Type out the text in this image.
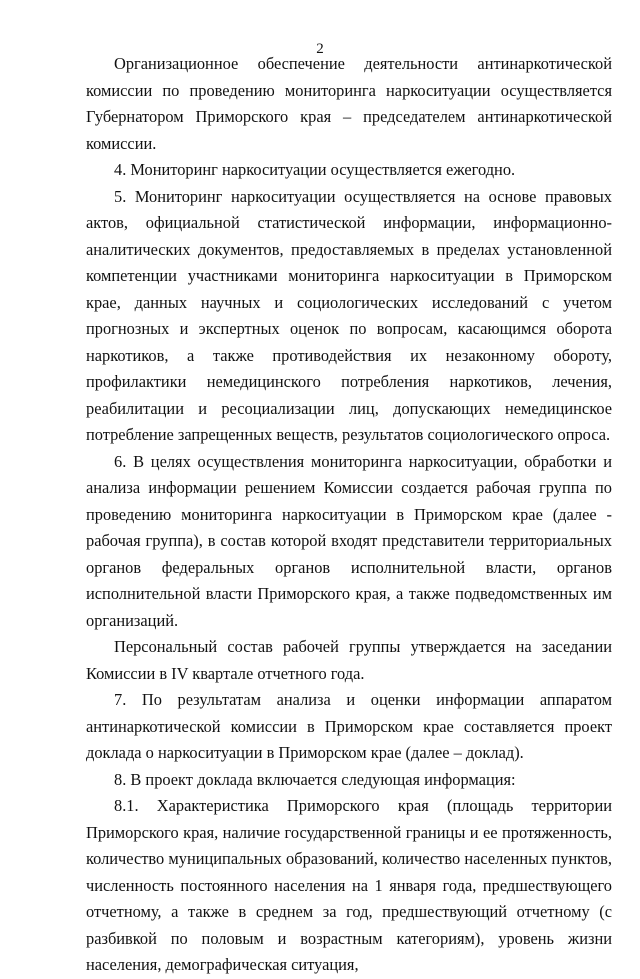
2

Организационное обеспечение деятельности антинаркотической комиссии по проведению мониторинга наркоситуации осуществляется Губернатором Приморского края – председателем антинаркотической комиссии.

4. Мониторинг наркоситуации осуществляется ежегодно.

5. Мониторинг наркоситуации осуществляется на основе правовых актов, официальной статистической информации, информационно-аналитических документов, предоставляемых в пределах установленной компетенции участниками мониторинга наркоситуации в Приморском крае, данных научных и социологических исследований с учетом прогнозных и экспертных оценок по вопросам, касающимся оборота наркотиков, а также противодействия их незаконному обороту, профилактики немедицинского потребления наркотиков, лечения, реабилитации и ресоциализации лиц, допускающих немедицинское потребление запрещенных веществ, результатов социологического опроса.

6. В целях осуществления мониторинга наркоситуации, обработки и анализа информации решением Комиссии создается рабочая группа по проведению мониторинга наркоситуации в Приморском крае (далее - рабочая группа), в состав которой входят представители территориальных органов федеральных органов исполнительной власти, органов исполнительной власти Приморского края, а также подведомственных им организаций.

Персональный состав рабочей группы утверждается на заседании Комиссии в IV квартале отчетного года.

7. По результатам анализа и оценки информации аппаратом антинаркотической комиссии в Приморском крае составляется проект доклада о наркоситуации в Приморском крае (далее – доклад).

8. В проект доклада включается следующая информация:

8.1. Характеристика Приморского края (площадь территории Приморского края, наличие государственной границы и ее протяженность, количество муниципальных образований, количество населенных пунктов, численность постоянного населения на 1 января года, предшествующего отчетному, а также в среднем за год, предшествующий отчетному (с разбивкой по половым и возрастным категориям), уровень жизни населения, демографическая ситуация,
